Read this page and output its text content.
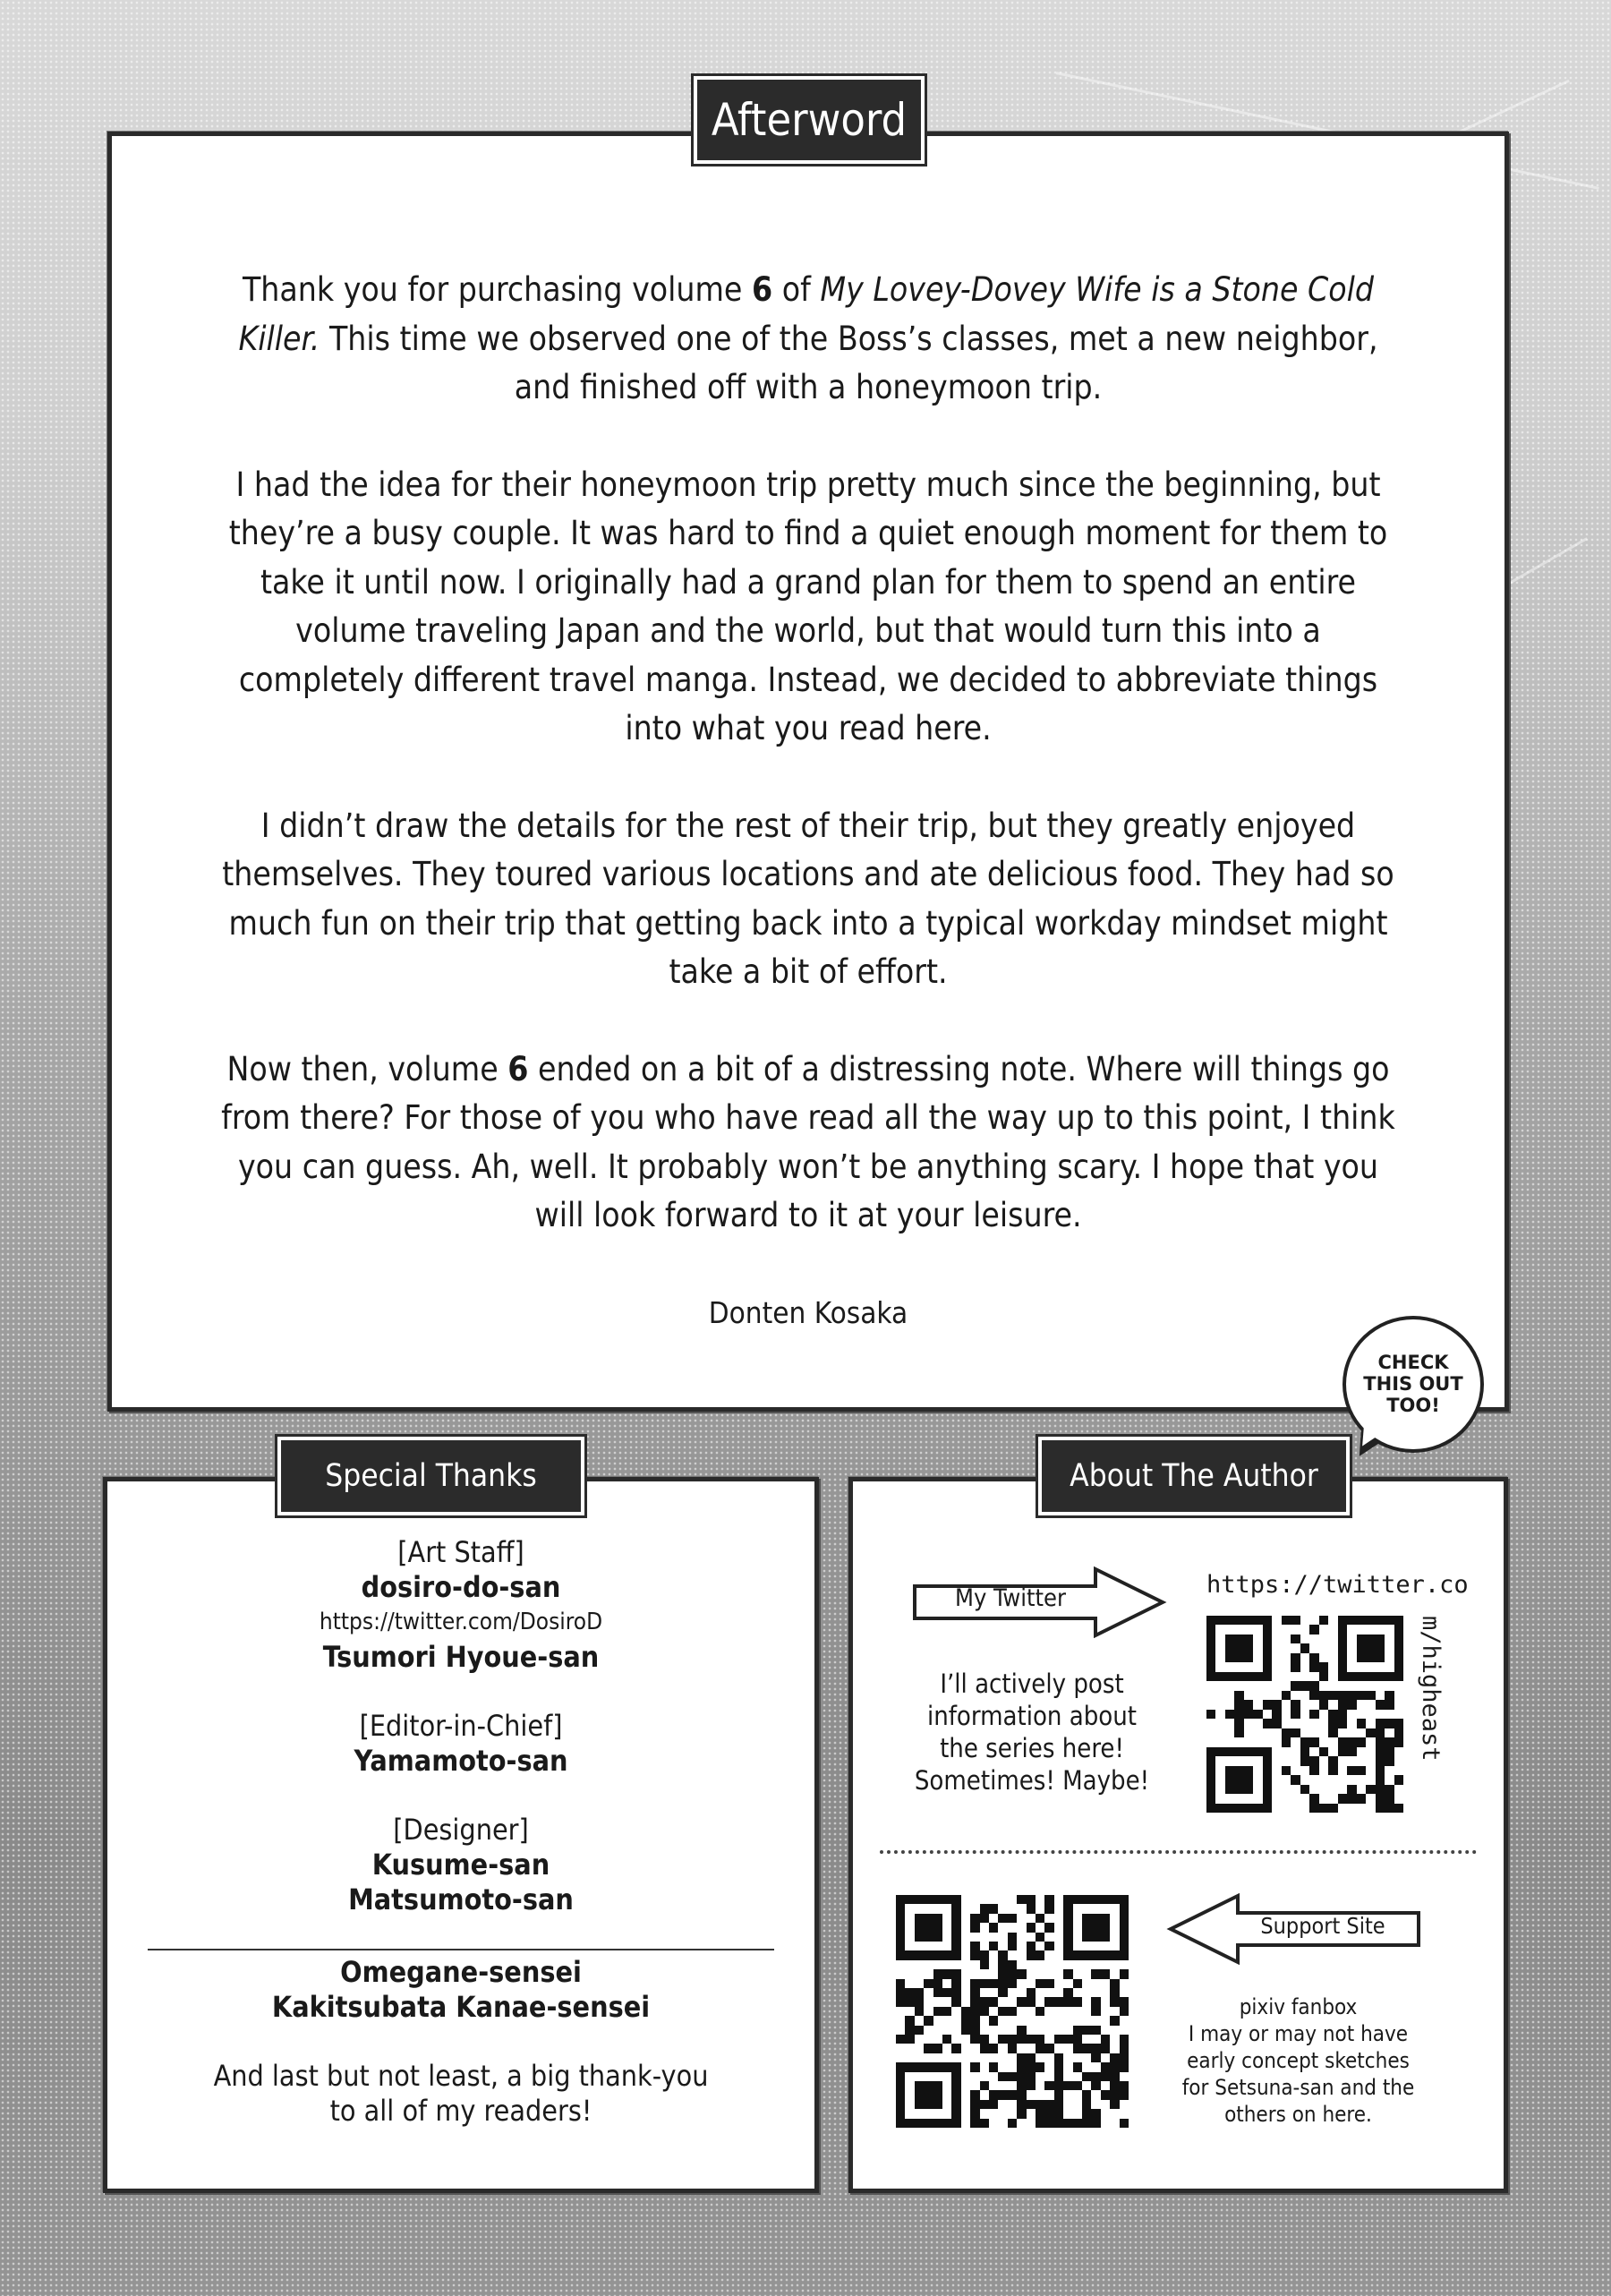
Thank you for purchasing volume 6 of My Lovey-Dovey Wife is a Stone Cold Killer. This time we observed one of the Boss’s classes, met a new neighbor, and finished off with a honeymoon trip.

I had the idea for their honeymoon trip pretty much since the beginning, but they’re a busy couple. It was hard to find a quiet enough moment for them to take it until now. I originally had a grand plan for them to spend an entire volume traveling Japan and the world, but that would turn this into a completely different travel manga. Instead, we decided to abbreviate things into what you read here.

I didn’t draw the details for the rest of their trip, but they greatly enjoyed themselves. They toured various locations and ate delicious food. They had so much fun on their trip that getting back into a typical workday mindset might take a bit of effort.

Now then, volume 6 ended on a bit of a distressing note. Where will things go from there? For those of you who have read all the way up to this point, I think you can guess. Ah, well. It probably won’t be anything scary. I hope that you will look forward to it at your leisure.

Donten Kosaka
Afterword
CHECK
THIS OUT
TOO!
[Art Staff]
dosiro-do-san
https://twitter.com/DosiroD
Tsumori Hyoue-san
[Editor-in-Chief]
Yamamoto-san
[Designer]
Kusume-san
Matsumoto-san
Omegane-sensei
Kakitsubata Kanae-sensei
And last but not least, a big thank-you
to all of my readers!
Special Thanks
My Twitter	https://twitter.co
m/higheast
I’ll actively post
information about
the series here!
Sometimes! Maybe!
Support Site
pixiv fanbox
I may or may not have
early concept sketches
for Setsuna-san and the
others on here.
About The Author
